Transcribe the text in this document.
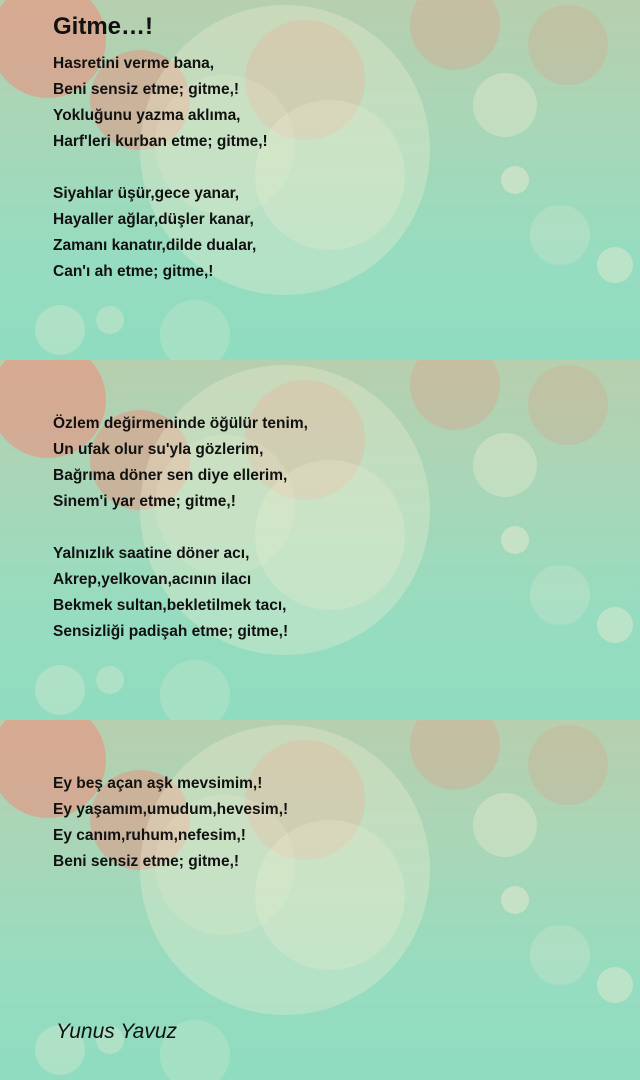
Gitme…!
Hasretini verme bana,
Beni sensiz etme; gitme,!
Yokluğunu yazma aklıma,
Harf'leri kurban etme; gitme,!
Siyahlar üşür,gece yanar,
Hayaller ağlar,düşler kanar,
Zamanı kanatır,dilde dualar,
Can'ı ah etme; gitme,!
Özlem değirmeninde öğülür tenim,
Un ufak olur su'yla gözlerim,
Bağrıma döner sen diye ellerim,
Sinem'i yar etme; gitme,!
Yalnızlık saatine döner acı,
Akrep,yelkovan,acının ilacı
Bekmek sultan,bekletilmek tacı,
Sensizliği padişah etme; gitme,!
Ey beş açan aşk mevsimim,!
Ey yaşamım,umudum,hevesim,!
Ey canım,ruhum,nefesim,!
Beni sensiz etme; gitme,!

Yunus Yavuz
